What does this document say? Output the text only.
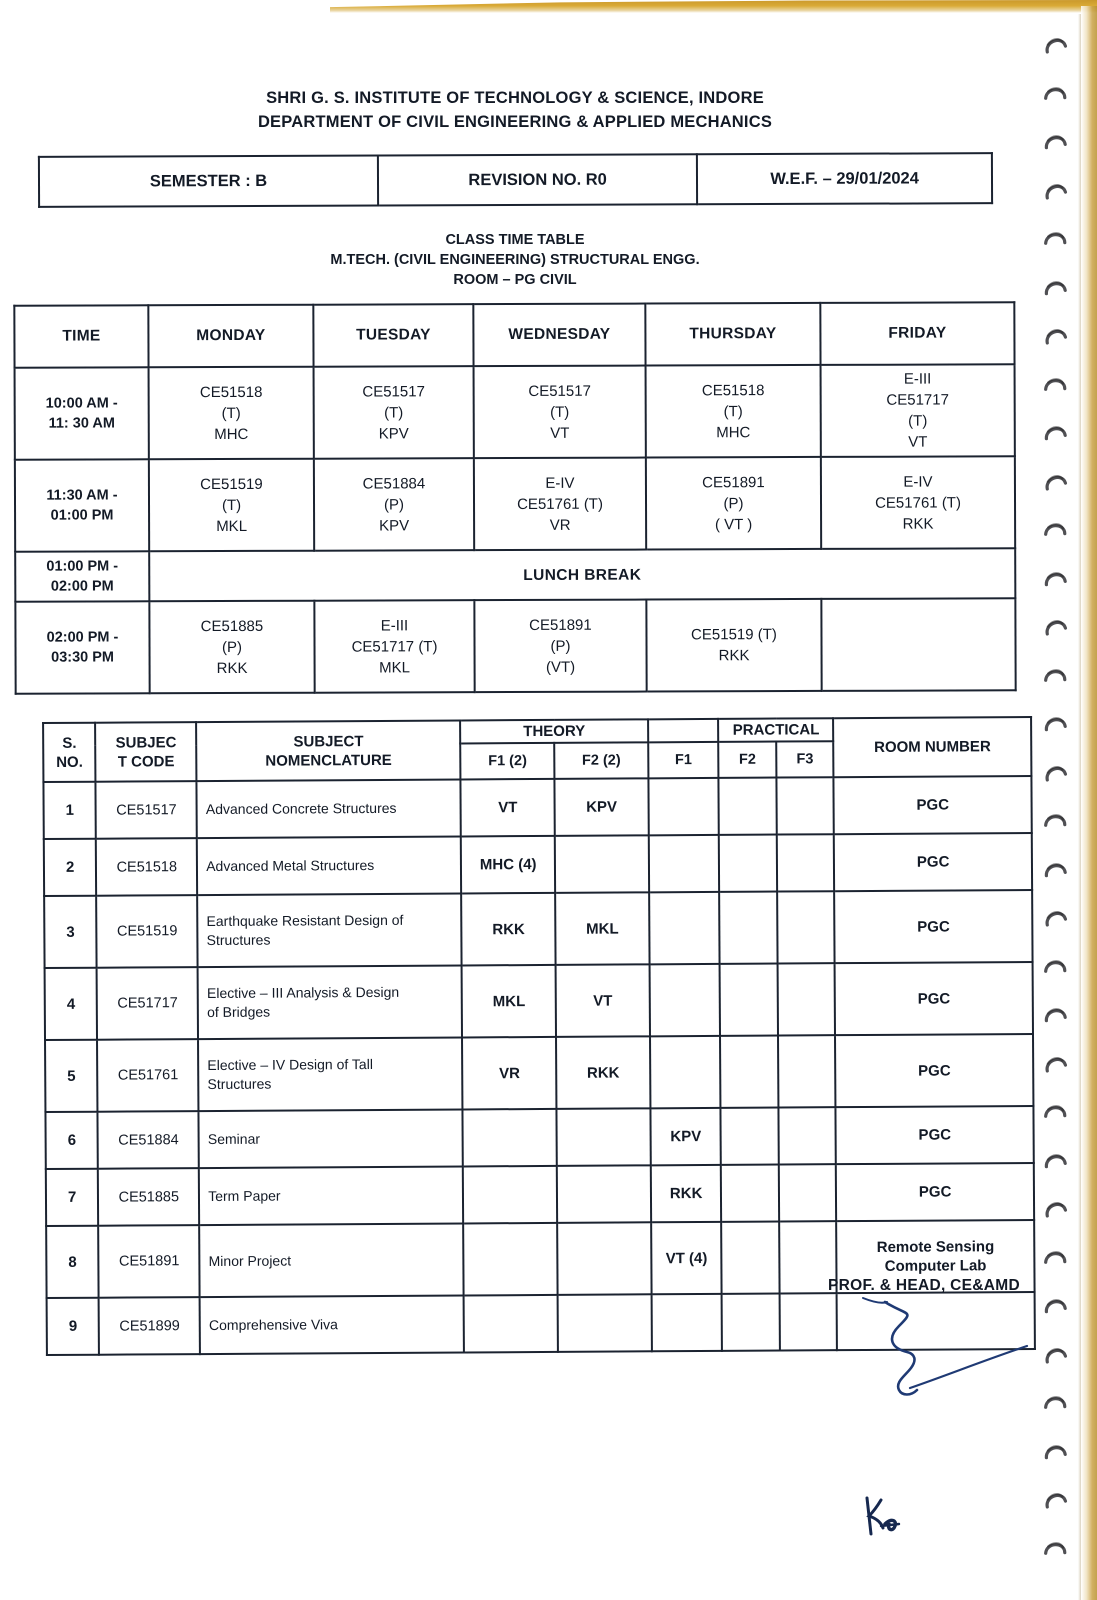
SHRI G. S. INSTITUTE OF TECHNOLOGY & SCIENCE, INDORE
DEPARTMENT OF CIVIL ENGINEERING & APPLIED MECHANICS
SEMESTER : B	REVISION NO. R0	W.E.F. – 29/01/2024
CLASS TIME TABLE
M.TECH. (CIVIL ENGINEERING) STRUCTURAL ENGG.
ROOM – PG CIVIL
TIME	MONDAY	TUESDAY	WEDNESDAY	THURSDAY	FRIDAY

10:00 AM -
11: 30 AM	CE51518
(T)
MHC	CE51517
(T)
KPV	CE51517
(T)
VT	CE51518
(T)
MHC	E-III
CE51717
(T)
VT

11:30 AM -
01:00 PM	CE51519
(T)
MKL	CE51884
(P)
KPV	E-IV
CE51761 (T)
VR	CE51891
(P)
( VT )	E-IV
CE51761 (T)
RKK

01:00 PM -
02:00 PM	LUNCH BREAK				

02:00 PM -
03:30 PM	CE51885
(P)
RKK	E-III
CE51717 (T)
MKL	CE51891
(P)
(VT)	CE51519 (T)
RKK	

S.
NO.	SUBJEC
T CODE	SUBJECT
NOMENCLATURE	THEORY			PRACTICAL		ROOM NUMBER
			F1 (2)	F2 (2)	F1	F2	F3	
1	CE51517	Advanced Concrete Structures	VT	KPV				PGC

2	CE51518	Advanced Metal Structures	MHC (4)					PGC

3	CE51519	Earthquake Resistant Design of
Structures	RKK	MKL				PGC

4	CE51717	Elective – III Analysis & Design
of Bridges	MKL	VT				PGC

5	CE51761	Elective – IV Design of Tall
Structures	VR	RKK				PGC

6	CE51884	Seminar			KPV			PGC

7	CE51885	Term Paper			RKK			PGC

8	CE51891	Minor Project			VT (4)			Remote Sensing
Computer Lab

9	CE51899	Comprehensive Viva						

PROF. & HEAD, CE&AMD
